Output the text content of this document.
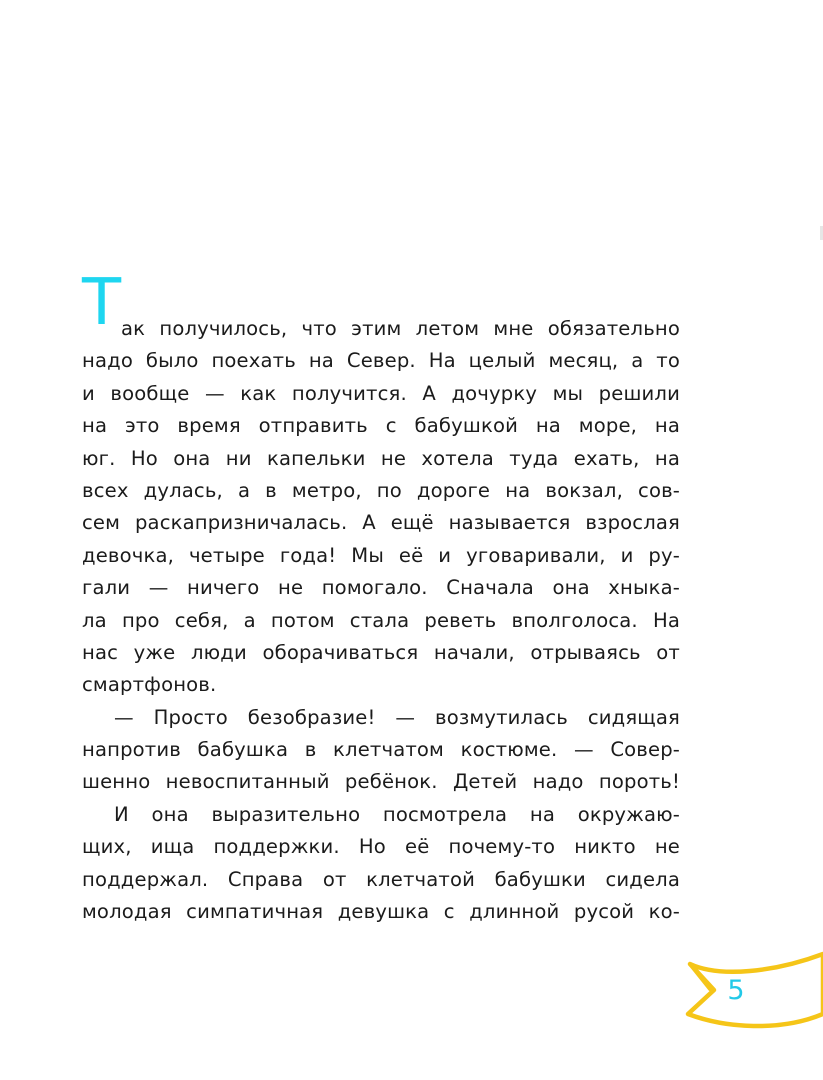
Т ак получилось, что этим летом мне обязательно
надо было поехать на Север. На целый месяц, а то
и вообще — как получится. А дочурку мы решили
на это время отправить с бабушкой на море, на
юг. Но она ни капельки не хотела туда ехать, на
всех дулась, а в метро, по дороге на вокзал, сов-
сем раскапризничалась. А ещё называется взрослая
девочка, четыре года! Мы её и уговаривали, и ру-
гали — ничего не помогало. Сначала она хныка-
ла про себя, а потом стала реветь вполголоса. На
нас уже люди оборачиваться начали, отрываясь от
смартфонов.
— Просто безобразие! — возмутилась сидящая
напротив бабушка в клетчатом костюме. — Совер-
шенно невоспитанный ребёнок. Детей надо пороть!
И она выразительно посмотрела на окружаю-
щих, ища поддержки. Но её почему-то никто не
поддержал. Справа от клетчатой бабушки сидела
молодая симпатичная девушка с длинной русой ко-
5
